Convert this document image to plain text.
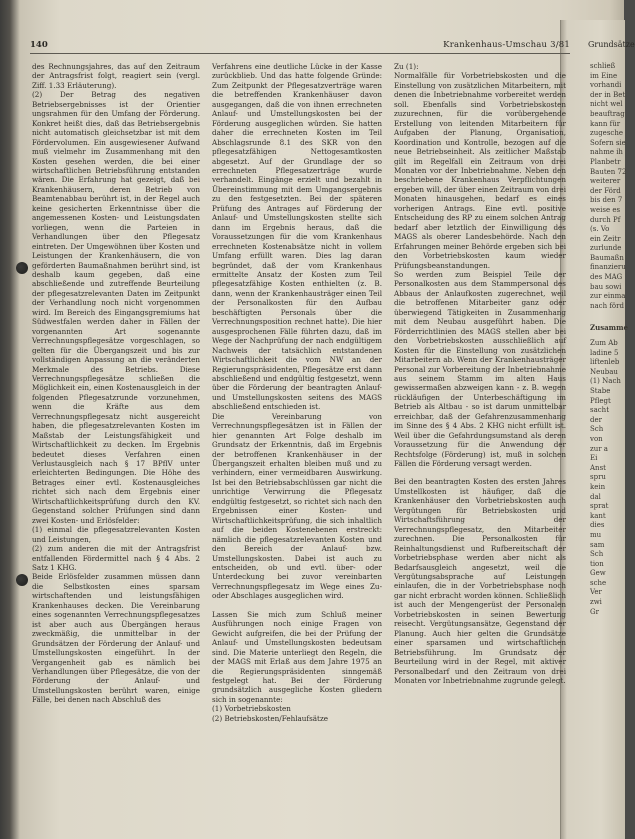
140	Krankenhaus-Umschau 3/81

des Rechnungsjahres, das auf den Zeitraum der Antragsfrist folgt, reagiert sein (vergl. Ziff. 1.33 Erläuterung).

(2) Der Betrag des negativen Betriebsergebnisses ist der Orientier ungsrahmen für den Umfang der Förderung. Konkret heißt dies, daß das Betriebsergebnis nicht automatisch gleichsetzbar ist mit dem Fördervolumen. Ein ausgewiesener Aufwand muß vielmehr im Zusammenhang mit den Kosten gesehen werden, die bei einer wirtschaftlichen Betriebsführung entstanden wären. Die Erfahrung hat gezeigt, daß bei Krankenhäusern, deren Betrieb von Beamtenabbau berührt ist, in der Regel auch keine gesicherten Erkenntnisse über die angemessenen Kosten- und Leistungsdaten vorliegen, wenn die Parteien in Verhandlungen über den Pflegesatz eintreten. Der Umgewöhnen über Kosten und Leistungen der Krankenhäusern, die von geförderten Baumaßnahmen berührt sind, ist deshalb kaum gegeben, daß eine abschließende und zutreffende Beurteilung der pflegesatzrelevanten Daten im Zeitpunkt der Verhandlung noch nicht vorgenommen wird. Im Bereich des Eingangsgremiums hat Südwestfalen werden daher in Fällen der vorgenannten Art sogenannte Verrechnungspflegesätze vorgeschlagen, so gelten für die Übergangszeit und bis zur vollständigen Anpassung an die veränderten Merkmale des Betriebs. Diese Verrechnungspflegesätze schließen die Möglichkeit ein, einen Kostenausgleich in der folgenden Pflegesatzrunde vorzunehmen, wenn die Kräfte aus dem Verrechnungspflegesatz nicht ausgereicht haben, die pflegesatzrelevanten Kosten im Maßstab der Leistungsfähigkeit und Wirtschaftlichkeit zu decken. Im Ergebnis bedeutet dieses Verfahren einen Verlustausgleich nach § 17 BPflV unter erleichterten Bedingungen. Die Höhe des Betrages einer evtl. Kostenausgleiches richtet sich nach dem Ergebnis einer Wirtschaftlichkeitsprüfung durch den KV. Gegenstand solcher Prüfungen sind dann zwei Kosten- und Erlösfelder:

(1) einmal die pflegesatzrelevanten Kosten und Leistungen,

(2) zum anderen die mit der Antragsfrist entfallenden Fördermittel nach § 4 Abs. 2 Satz 1 KHG.

Beide Erlösfelder zusammen müssen dann die Selbstkosten eines sparsam wirtschaftenden und leistungsfähigen Krankenhauses decken. Die Vereinbarung eines sogenannten Verrechnungspflegesatzes ist aber auch aus Übergängen heraus zweckmäßig, die unmittelbar in der Grundsätzen der Förderung der Anlauf- und Umstellungskosten eingeführt. In der Vergangenheit gab es nämlich bei Verhandlungen über Pflegesätze, die von der Förderung der Anlauf- und Umstellungskosten berührt waren, einige Fälle, bei denen nach Abschluß des

Verfahrens eine deutliche Lücke in der Kasse zurückblieb. Und das hatte folgende Gründe: Zum Zeitpunkt der Pflegesatzverträge waren die betreffenden Krankenhäuser davon ausgegangen, daß die von ihnen errechneten Anlauf- und Umstellungskosten bei der Förderung ausgeglichen würden. Sie hatten daher die errechneten Kosten im Teil Abschlagsrunde 8.1 des SKR von den pflegesatzfähigen Nettogesamtkosten abgesetzt. Auf der Grundlage der so errechneten Pflegesatzerträge wurde verhandelt. Eingänge erzielt und bezahlt in Übereinstimmung mit dem Umgangsergebnis zu den festgesetzten. Bei der späteren Prüfung des Antrages auf Förderung der Anlauf- und Umstellungskosten stellte sich dann im Ergebnis heraus, daß die Voraussetzungen für die vom Krankenhaus errechneten Kostenabsätze nicht in vollem Umfang erfüllt waren. Dies lag daran begründet, daß der vom Krankenhaus ermittelte Ansatz der Kosten zum Teil pflegesatzfähige Kosten enthielten (z. B. dann, wenn der Krankenhausträger einen Teil der Personalkosten für den Aufbau beschäftigten Personals über die Verrechnungsposition rechnet hatte). Die hier ausgesprochenen Fälle führten dazu, daß im Wege der Nachprüfung der nach endgültigem Nachweis der tatsächlich entstandenen Wirtschaftlichkeit die vom NW an der Regierungspräsidenten, Pflegesätze erst dann abschließend und endgültig festgesetzt, wenn über die Förderung der beantragten Anlauf- und Umstellungskosten seitens des MAGS abschließend entschieden ist.

Die Vereinbarung von Verrechnungspflegesätzen ist in Fällen der hier genannten Art Folge deshalb im Grundsatz der Erkenntnis, daß im Ergebnis der betroffenen Krankenhäuser in der Übergangszeit erhalten bleiben muß und zu verhindern, einer vermeidbaren Auswirkung. Ist bei den Betriebsabschlüssen gar nicht die unrichtige Verwirrung die Pflegesatz endgültig festgesetzt, so richtet sich nach den Ergebnissen einer Kosten- und Wirtschaftlichkeitsprüfung, die sich inhaltlich auf die beiden Kostenebenen erstreckt: nämlich die pflegesatzrelevanten Kosten und den Bereich der Anlauf- bzw. Umstellungskosten. Dabei ist auch zu entscheiden, ob und evtl. über- oder Unterdeckung bei zuvor vereinbarten Verrechnungspflegesatz im Wege eines Zu- oder Abschlages ausgeglichen wird.

Lassen Sie mich zum Schluß meiner Ausführungen noch einige Fragen von Gewicht aufgreifen, die bei der Prüfung der Anlauf- und Umstellungskosten bedeutsam sind. Die Materie unterliegt den Regeln, die der MAGS mit Erlaß aus dem Jahre 1975 an die Regierungspräsidenten sinngemäß festgelegt hat. Bei der Förderung grundsätzlich ausgegliche Kosten gliedern sich in sogenannte:

(1) Vorbetriebskosten

(2) Betriebskosten/Fehlaufsätze

Zu (1):

Normalfälle für Vorbetriebskosten und die Einstellung von zusätzlichen Mitarbeitern, mit denen die Inbetriebnahme vorbereitet werden soll. Ebenfalls sind Vorbetriebskosten zuzurechnen, für die vorübergehende Erstellung von leitenden Mitarbeitern für Aufgaben der Planung, Organisation, Koordination und Kontrolle, bezogen auf die neue Betriebseinheit. Als zeitlicher Maßstab gilt im Regelfall ein Zeitraum von drei Monaten vor der Inbetriebnahme. Neben den beschriebene Krankenhaus Verpflichtungen ergeben will, der über einen Zeitraum von drei Monaten hinausgehen, bedarf es eines vorherigen Antrags. Eine evtl. positive Entscheidung des RP zu einem solchen Antrag bedarf aber letztlich der Einwilligung des MAGS als oberer Landesbehörde. Nach den Erfahrungen meiner Behörde ergeben sich bei den Vorbetriebskosten kaum wieder Prüfungsbeanstandungen.

So werden zum Beispiel Teile der Personalkosten aus dem Stammpersonal des Abbaus der Anlaufkosten zugerechnet, weil die betroffenen Mitarbeiter ganz oder überwiegend Tätigkeiten in Zusammenhang mit dem Neubau ausgeführt haben. Die Förderrichtlinien des MAGS stellen aber bei den Vorbetriebskosten ausschließlich auf Kosten für die Einstellung von zusätzlichen Mitarbeitern ab. Wenn der Krankenhausträger Personal zur Vorbereitung der Inbetriebnahme aus seinem Stamm im alten Haus gewissermaßen abzweigen kann - z. B. wegen rückläufigen der Unterbeschäftigung im Betrieb als Altbau - so ist darum unmittelbar erreichbar, daß der Gefahrenzusammenhang im Sinne des § 4 Abs. 2 KHG nicht erfüllt ist. Weil über die Gefahrdungsumstand als deren Voraussetzung für die Anwendung der Rechtsfolge (Förderung) ist, muß in solchen Fällen die Förderung versagt werden.

Bei den beantragten Kosten des ersten Jahres Umstellkosten ist häufiger, daß die Krankenhäuser den Vorbetriebskosten auch Vergütungen für Betriebskosten und Wirtschaftsführung der Verrechnungspflegesatz, den Mitarbeiter zurechnen. Die Personalkosten für Reinhaltungsdienst und Rufbereitschaft der Vorbetriebsphase werden aber nicht als Bedarfsausgleich angesetzt, weil die Vergütungsabsprache auf Leistungen einlaufen, die in der Vorbetriebsphase noch gar nicht erbracht worden können. Schließlich ist auch der Mengengerüst der Personalen Vorbetriebskosten in seinen Bewertung reisecht. Vergütungsansätze, Gegenstand der Planung. Auch hier gelten die Grundsätze einer sparsamen und wirtschaftlichen Betriebsführung. Im Grundsatz der Beurteilung wird in der Regel, mit aktiver Personalbedarf und den Zeitraum von drei Monaten vor Inbetriebnahme zugrunde gelegt.

Grundsätze
schließ
im Eine
vorhandi
der in Bet
nicht wel
beauftrag
kann für
zugesche
Sofern sie
nahme ih
Planbetr
Bauten 72
weiterer
der Förd
bis den 7
weise es
durch Pf
(s. Vo
ein Zeitr
zurlunde
Baumaßn
finanzieru
des MAG
bau sowi
zur einma
nach förd
Zusamme
Zum Ab
ladine 5
liftenleb
Neubau
(1) Nach
Stabe
Pflegt
sacht
der
Sch
von
zur a
Ei
Anst
spru
kein
dal
sprat
kant
dies
mu
sam
Sch
tion
Gew
sche
Ver
zwi
Gr
